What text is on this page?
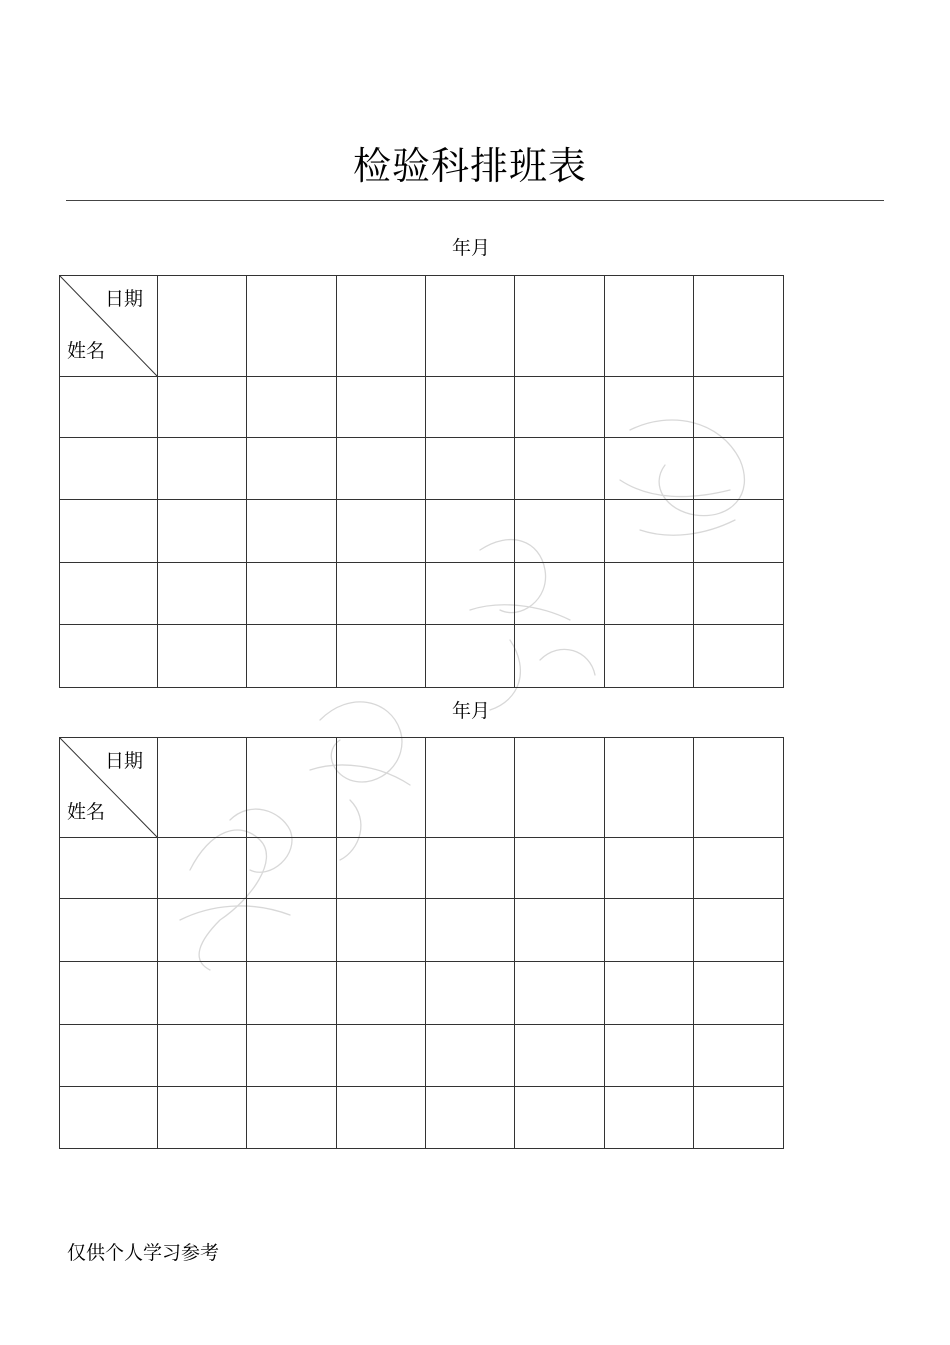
检验科排班表
年月
日期
姓名							

年月
日期
姓名							

仅供个人学习参考
